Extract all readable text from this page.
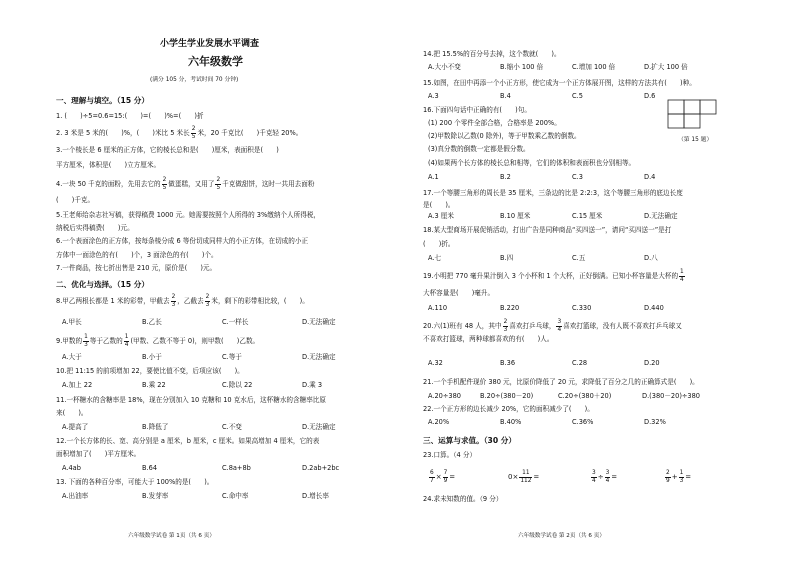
小学生学业发展水平调查
六年级数学
(满分 105 分，考试时间 70 分钟)
一、理解与填空。（15 分）
1. (　　)÷5=0.6=15:(　　)=(　　)%=(　　)折
2. 3 米是 5 米的(　　)%，(　　)米比 5 米长 $\frac{2}{5}$ 米，20 千克比(　　)千克轻 20%。
3.一个棱长是 6 厘米的正方体，它的棱长总和是(　　)厘米，表面积是(　　)
平方厘米，体积是(　　)立方厘米。
4.一块 50 千克的面粉，先用去它的 $\frac{2}{5}$ 做蛋糕，又用了 $\frac{2}{5}$ 千克做甜饼，这时一共用去面粉
(　　)千克。
5.王老师给杂志社写稿，获得稿费 1000 元。她需要按照个人所得的 3%缴纳个人所得税，
纳税后实得稿费(　　)元。
6.一个表面涂色的正方体，按每条棱分成 6 等份切成同样大的小正方体，在切成的小正
方体中一面涂色的有(　　)个，3 面涂色的有(　　)个。
7.一件商品，按七折出售是 210 元，原价是(　　)元。
二、优化与选择。（15 分）
8.甲乙两根长都是 1 米的彩带，甲截去 $\frac{2}{3}$ ，乙截去 $\frac{2}{3}$ 米，剩下的彩带相比较，(　　)。
A.甲长	B.乙长	C.一样长	D.无法确定
9.甲数的 $\frac{1}{3}$ 等于乙数的 $\frac{1}{4}$ (甲数、乙数不等于 0)，则甲数(　　)乙数。
A.大于	B.小于	C.等于	D.无法确定
10.把 11:15 的前项增加 22，要使比值不变，后项应该(　　)。
A.加上 22	B.乘 22	C.除以 22	D.乘 3
11.一杯糖水的含糖率是 18%，现在分别加入 10 克糖和 10 克水后，这杯糖水的含糖率比原
来(　　)。
A.提高了	B.降低了	C.不变	D.无法确定
12.一个长方体的长、宽、高分别是 a 厘米，b 厘米，c 厘米。如果高增加 4 厘米，它的表
面积增加了(　　)平方厘米。
A.4ab	B.64	C.8a+8b	D.2ab+2bc
13. 下面的各种百分率，可能大于 100%的是(　　)。
A.出油率	B.发芽率	C.命中率	D.增长率
六年级数学试卷 第 1页（共 6 页）
14.把 15.5%的百分号去掉，这个数就(　　)。
A.大小不变	B.缩小 100 倍	C.增加 100 倍	D.扩大 100 倍
15.如图，在田中再添一个小正方形，使它成为一个正方体展开图，这样的方法共有(　　)种。
A.3	B.4	C.5	D.6
（第 15 题）
16.下面四句话中正确的有(　　)句。
(1) 200 个零件全部合格，合格率是 200%。
(2)甲数除以乙数(0 除外)，等于甲数乘乙数的倒数。
(3)真分数的倒数一定都是假分数。
(4)如果两个长方体的棱长总和相等，它们的体积和表面积也分别相等。
A.1	B.2	C.3	D.4
17.一个等腰三角形的周长是 35 厘米，三条边的比是 2:2:3，这个等腰三角形的底边长度
是(　　)。
A.3 厘米	B.10 厘米	C.15 厘米	D.无法确定
18.某大型商场开展促销活动，打出广告是同种商品“买四送一”，请问“买四送一”是打
(　　)折。
A.七	B.四	C.五	D.八
19.小明把 770 毫升果汁倒入 3 个小杯和 1 个大杯，正好倒满。已知小杯容量是大杯的 $\frac{1}{4}$
大杯容量是(　　)毫升。
A.110	B.220	C.330	D.440
20.六(1)班有 48 人，其中 $\frac{2}{3}$ 喜欢打乒乓球， $\frac{3}{4}$ 喜欢打篮球，没有人既不喜欢打乒乓球又
不喜欢打篮球，两种球都喜欢的有(　　)人。
A.32	B.36	C.28	D.20
21.一个手机配件现价 380 元，比原价降低了 20 元，求降低了百分之几的正确算式是(　　)。
A.20÷380	B.20÷(380－20)	C.20÷(380＋20)	D.(380－20)÷380
22.一个正方形的边长减少 20%，它的面积减少了(　　)。
A.20%	B.40%	C.36%	D.32%
三、运算与求值。（30 分）
23.口算。（4 分）
$\frac{6}{7} \times \frac{7}{9}$ =	$0\times \frac{11}{112}$ =	$\frac{3}{4} \div \frac{3}{4}$ =	$\frac{2}{9} + \frac{1}{3}$ =
24.求未知数的值。（9 分）
六年级数学试卷 第 2页（共 6 页）
